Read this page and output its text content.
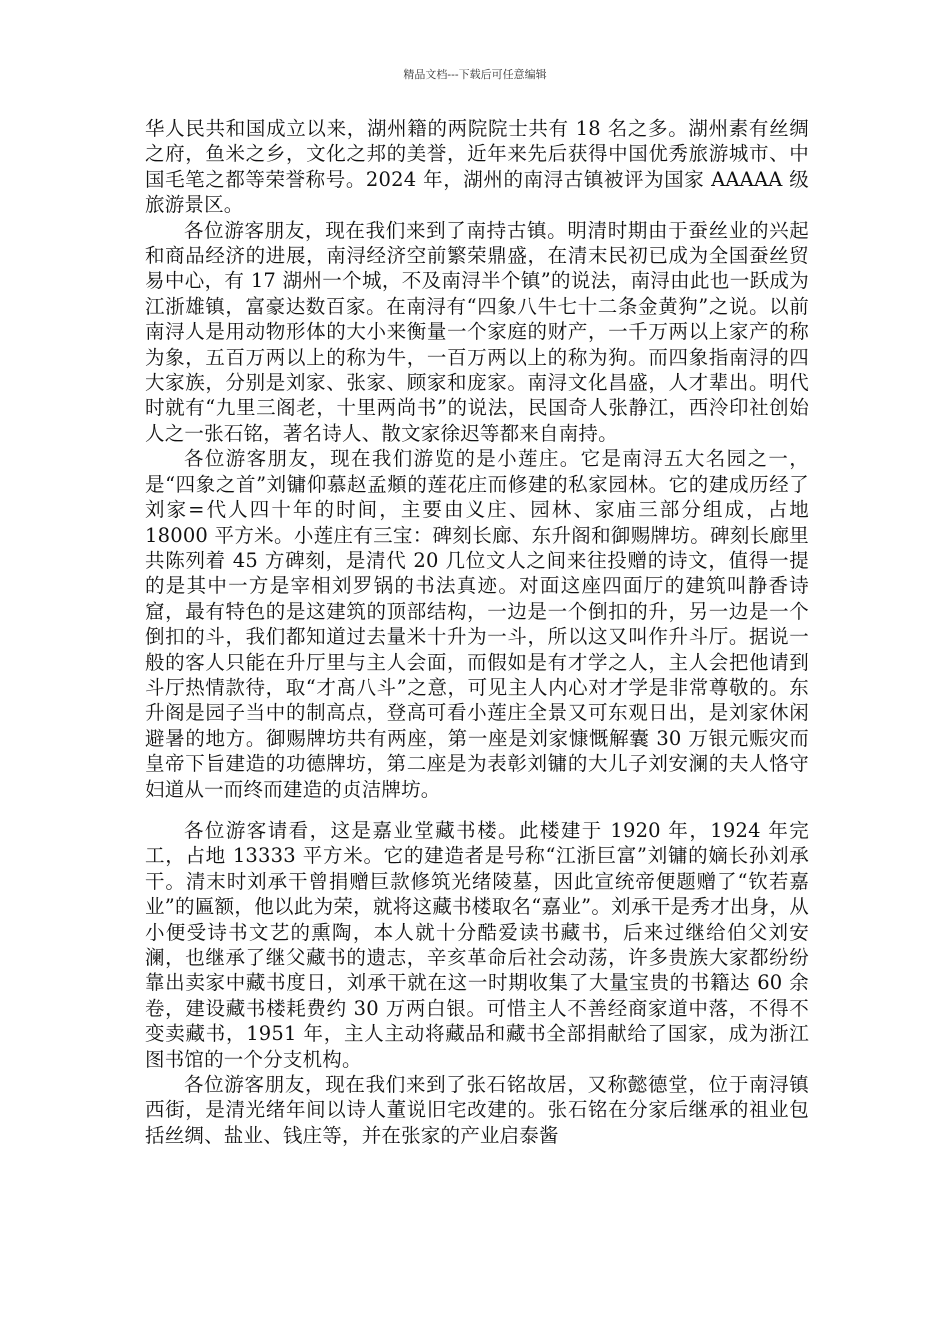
精品文档---下载后可任意编辑

华人民共和国成立以来，湖州籍的两院院士共有 18 名之多。湖州素有丝绸之府，鱼米之乡，文化之邦的美誉，近年来先后获得中国优秀旅游城市、中国毛笔之都等荣誉称号。2024 年，湖州的南浔古镇被评为国家 AAAAA 级旅游景区。

各位游客朋友，现在我们来到了南持古镇。明清时期由于蚕丝业的兴起和商品经济的进展，南浔经济空前繁荣鼎盛，在清末民初已成为全国蚕丝贸易中心，有 17 湖州一个城，不及南浔半个镇”的说法，南浔由此也一跃成为江浙雄镇，富豪达数百家。在南浔有“四象八牛七十二条金黄狗”之说。以前南浔人是用动物形体的大小来衡量一个家庭的财产，一千万两以上家产的称为象，五百万两以上的称为牛，一百万两以上的称为狗。而四象指南浔的四大家族，分别是刘家、张家、顾家和庞家。南浔文化昌盛，人才辈出。明代时就有“九里三阁老，十里两尚书”的说法，民国奇人张静江，西泠印社创始人之一张石铭，著名诗人、散文家徐迟等都来自南持。

各位游客朋友，现在我们游览的是小莲庄。它是南浔五大名园之一，是“四象之首”刘镛仰慕赵孟頫的莲花庄而修建的私家园林。它的建成历经了刘家=代人四十年的时间，主要由义庄、园林、家庙三部分组成，占地 18000 平方米。小莲庄有三宝：碑刻长廊、东升阁和御赐牌坊。碑刻长廊里共陈列着 45 方碑刻，是清代 20 几位文人之间来往投赠的诗文，值得一提的是其中一方是宰相刘罗锅的书法真迹。对面这座四面厅的建筑叫静香诗窟，最有特色的是这建筑的顶部结构，一边是一个倒扣的升，另一边是一个倒扣的斗，我们都知道过去量米十升为一斗，所以这又叫作升斗厅。据说一般的客人只能在升厅里与主人会面，而假如是有才学之人，主人会把他请到斗厅热情款待，取“才髙八斗”之意，可见主人内心对才学是非常尊敬的。东升阁是园子当中的制高点，登高可看小莲庄全景又可东观日出，是刘家休闲避暑的地方。御赐牌坊共有两座，第一座是刘家慷慨解囊 30 万银元赈灾而皇帝下旨建造的功德牌坊，第二座是为表彰刘镛的大儿子刘安澜的夫人恪守妇道从一而终而建造的贞洁牌坊。

各位游客请看，这是嘉业堂藏书楼。此楼建于 1920 年，1924 年完工，占地 13333 平方米。它的建造者是号称“江浙巨富”刘镛的嫡长孙刘承干。清末时刘承干曾捐赠巨款修筑光绪陵墓，因此宣统帝便题赠了“钦若嘉业”的匾额，他以此为荣，就将这藏书楼取名“嘉业”。刘承干是秀才出身，从小便受诗书文艺的熏陶，本人就十分酷爱读书藏书，后来过继给伯父刘安澜，也继承了继父藏书的遗志，辛亥革命后社会动荡，许多贵族大家都纷纷靠出卖家中藏书度日，刘承干就在这一时期收集了大量宝贵的书籍达 60 余卷，建设藏书楼耗费约 30 万两白银。可惜主人不善经商家道中落，不得不变卖藏书，1951 年，主人主动将藏品和藏书全部捐献给了国家，成为浙江图书馆的一个分支机构。

各位游客朋友，现在我们来到了张石铭故居，又称懿德堂，位于南浔镇西街，是清光绪年间以诗人董说旧宅改建的。张石铭在分家后继承的祖业包括丝绸、盐业、钱庄等，并在张家的产业启泰酱
